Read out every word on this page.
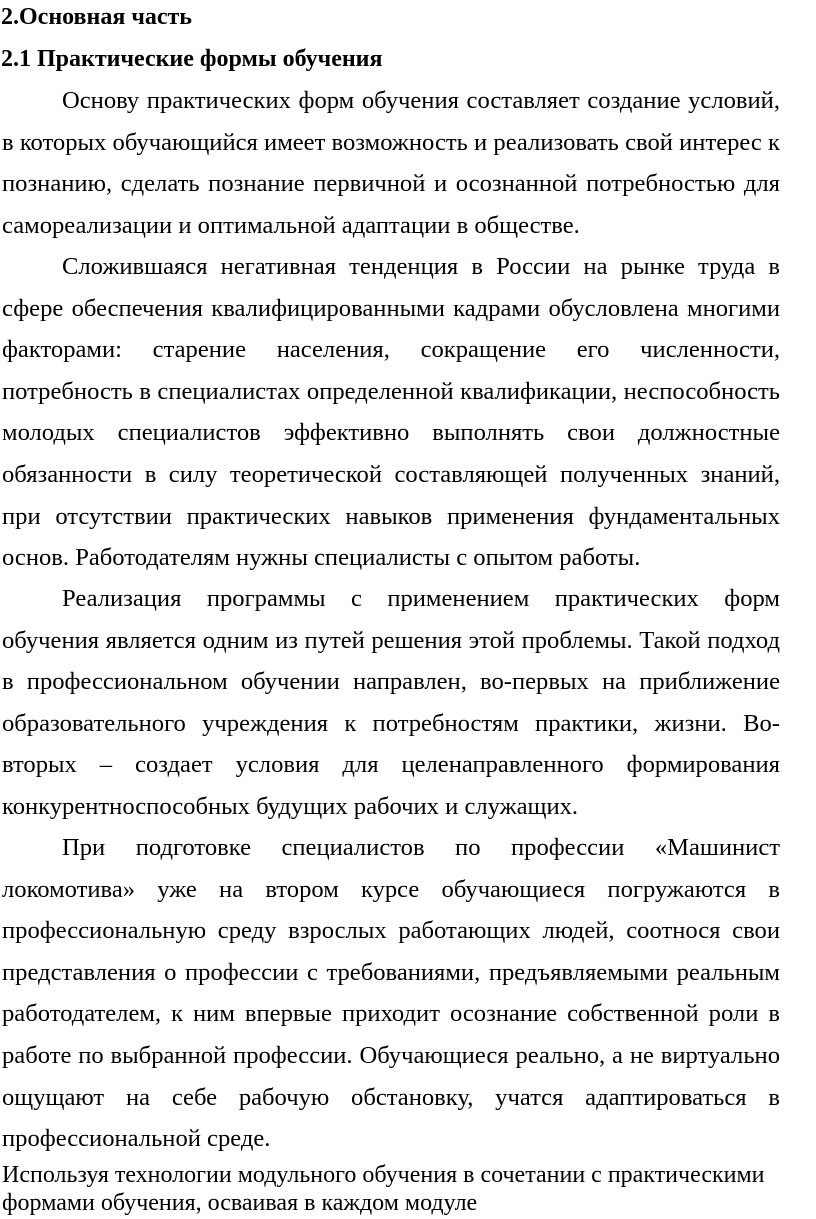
2.Основная часть
2.1 Практические формы обучения

Основу практических форм обучения составляет создание условий, в которых обучающийся имеет возможность и реализовать свой интерес к познанию, сделать познание первичной и осознанной потребностью для самореализации и оптимальной адаптации в обществе.

Сложившаяся негативная тенденция в России на рынке труда в сфере обеспечения квалифицированными кадрами обусловлена многими факторами: старение населения, сокращение его численности, потребность в специалистах определенной квалификации, неспособность молодых специалистов эффективно выполнять свои должностные обязанности в силу теоретической составляющей полученных знаний, при отсутствии практических навыков применения фундаментальных основ. Работодателям нужны специалисты с опытом работы.

Реализация программы с применением практических форм обучения является одним из путей решения этой проблемы. Такой подход в профессиональном обучении направлен, во-первых на приближение образовательного учреждения к потребностям практики, жизни. Во-вторых – создает условия для целенаправленного формирования конкурентноспособных будущих рабочих и служащих.

При подготовке специалистов по профессии «Машинист локомотива» уже на втором курсе обучающиеся погружаются в профессиональную среду взрослых работающих людей, соотнося свои представления о профессии с требованиями, предъявляемыми реальным работодателем, к ним впервые приходит осознание собственной роли в работе по выбранной профессии. Обучающиеся реально, а не виртуально ощущают на себе рабочую обстановку, учатся адаптироваться в профессиональной среде.

Используя технологии модульного обучения в сочетании с практическими формами обучения, осваивая в каждом модуле
